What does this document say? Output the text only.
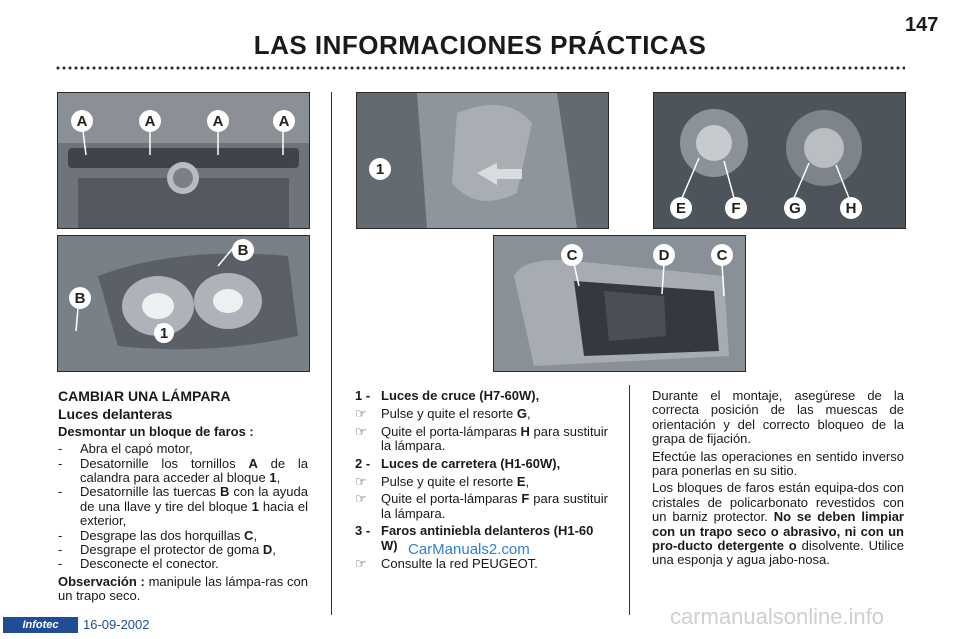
147
LAS INFORMACIONES PRÁCTICAS
A	A	A	A
B
B
1
1
E	F	G	H
C	D	C

CAMBIAR UNA LÁMPARA

Luces delanteras

Desmontar un bloque de faros :

- Abra el capó motor,

- Desatornille los tornillos A de la calandra para acceder al bloque 1,

- Desatornille las tuercas B con la ayuda de una llave y tire del bloque 1 hacia el exterior,

- Desgrape las dos horquillas C,

- Desgrape el protector de goma D,

- Desconecte el conector.

Observación : manipule las lámpa-ras con un trapo seco.

1 - Luces de cruce (H7-60W),

☞ Pulse y quite el resorte G,

☞ Quite el porta-lámparas H para sustituir la lámpara.

2 - Luces de carretera (H1-60W),

☞ Pulse y quite el resorte E,

☞ Quite el porta-lámparas F para sustituir la lámpara.

3 - Faros antiniebla delanteros (H1-60 W)

☞ Consulte la red PEUGEOT.

Durante el montaje, asegúrese de la correcta posición de las muescas de orientación y del correcto bloqueo de la grapa de fijación.

Efectúe las operaciones en sentido inverso para ponerlas en su sitio.

Los bloques de faros están equipa-dos con cristales de policarbonato revestidos con un barniz protector. No se deben limpiar con un trapo seco o abrasivo, ni con un pro-ducto detergente o disolvente. Utilice una esponja y agua jabo-nosa.

Infotec	16-09-2002
CarManuals2.com
carmanualsonline.info
